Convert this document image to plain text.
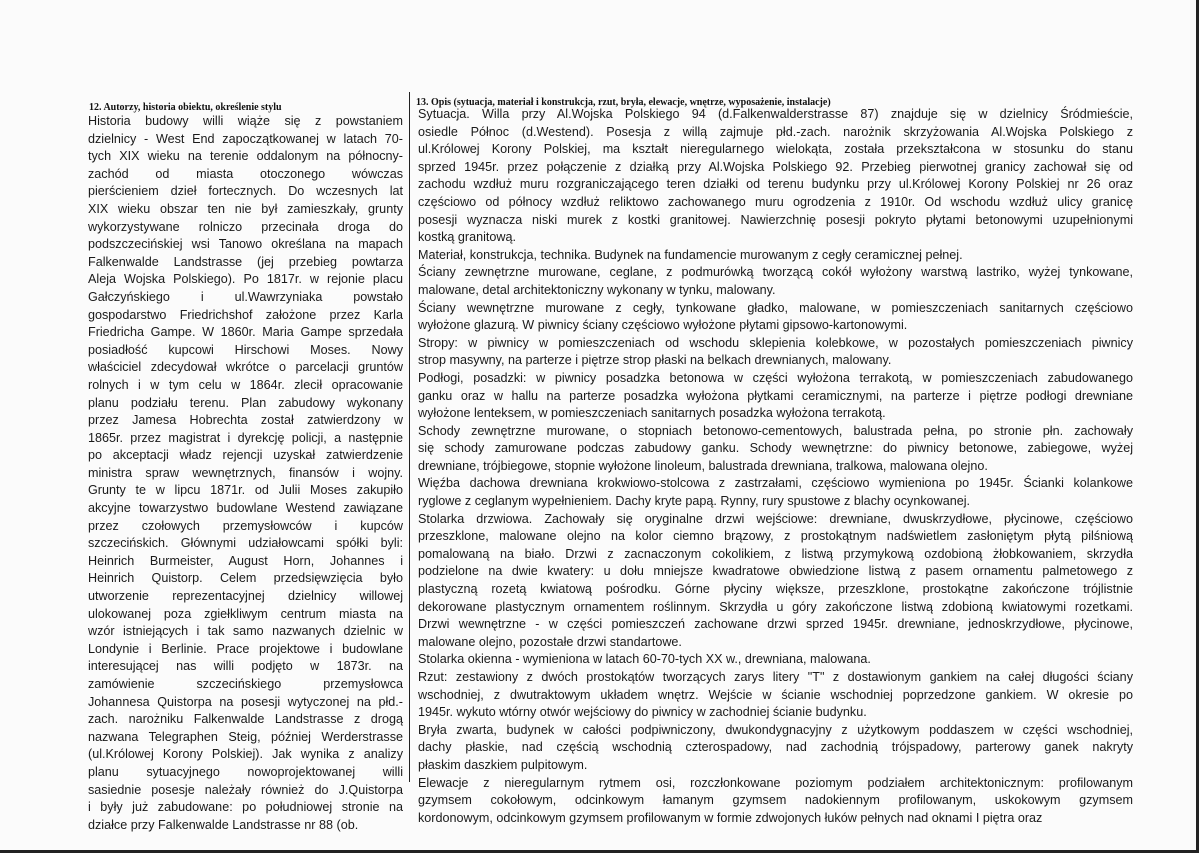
12. Autorzy, historia obiektu, określenie stylu	13. Opis (sytuacja, materiał i konstrukcja, rzut, bryła, elewacje, wnętrze, wyposażenie, instalacje)
Historia budowy willi wiąże się z powstaniem
dzielnicy - West End zapoczątkowanej w latach 70-
tych XIX wieku na terenie oddalonym na północny-
zachód od miasta otoczonego wówczas
pierścieniem dzieł fortecznych. Do wczesnych lat
XIX wieku obszar ten nie był zamieszkały, grunty
wykorzystywane rolniczo przecinała droga do
podszczecińskiej wsi Tanowo określana na mapach
Falkenwalde Landstrasse (jej przebieg powtarza
Aleja Wojska Polskiego). Po 1817r. w rejonie placu
Gałczyńskiego i ul.Wawrzyniaka powstało
gospodarstwo Friedrichshof założone przez Karla
Friedricha Gampe. W 1860r. Maria Gampe sprzedała
posiadłość kupcowi Hirschowi Moses. Nowy
właściciel zdecydował wkrótce o parcelacji gruntów
rolnych i w tym celu w 1864r. zlecił opracowanie
planu podziału terenu. Plan zabudowy wykonany
przez Jamesa Hobrechta został zatwierdzony w
1865r. przez magistrat i dyrekcję policji, a następnie
po akceptacji władz rejencji uzyskał zatwierdzenie
ministra spraw wewnętrznych, finansów i wojny.
Grunty te w lipcu 1871r. od Julii Moses zakupiło
akcyjne towarzystwo budowlane Westend zawiązane
przez czołowych przemysłowców i kupców
szczecińskich. Głównymi udziałowcami spółki byli:
Heinrich Burmeister, August Horn, Johannes i
Heinrich Quistorp. Celem przedsięwzięcia było
utworzenie reprezentacyjnej dzielnicy willowej
ulokowanej poza zgiełkliwym centrum miasta na
wzór istniejących i tak samo nazwanych dzielnic w
Londynie i Berlinie. Prace projektowe i budowlane
interesującej nas willi podjęto w 1873r. na
zamówienie szczecińskiego przemysłowca
Johannesa Quistorpa na posesji wytyczonej na płd.-
zach. narożniku Falkenwalde Landstrasse z drogą
nazwana Telegraphen Steig, później Werderstrasse
(ul.Królowej Korony Polskiej). Jak wynika z analizy
planu sytuacyjnego nowoprojektowanej willi
sasiednie posesje należały również do J.Quistorpa
i były już zabudowane: po południowej stronie na
działce przy Falkenwalde Landstrasse nr 88 (ob.
Sytuacja. Willa przy Al.Wojska Polskiego 94 (d.Falkenwalderstrasse 87) znajduje się w dzielnicy Śródmieście,
osiedle Północ (d.Westend). Posesja z willą zajmuje płd.-zach. narożnik skrzyżowania Al.Wojska Polskiego z
ul.Królowej Korony Polskiej, ma kształt nieregularnego wielokąta, została przekształcona w stosunku do stanu
sprzed 1945r. przez połączenie z działką przy Al.Wojska Polskiego 92. Przebieg pierwotnej granicy zachował się od
zachodu wzdłuż muru rozgraniczającego teren działki od terenu budynku przy ul.Królowej Korony Polskiej nr 26 oraz
częściowo od północy wzdłuż reliktowo zachowanego muru ogrodzenia z 1910r. Od wschodu wzdłuż ulicy granicę
posesji wyznacza niski murek z kostki granitowej. Nawierzchnię posesji pokryto płytami betonowymi uzupełnionymi
kostką granitową.
Materiał, konstrukcja, technika. Budynek na fundamencie murowanym z cegły ceramicznej pełnej.
Ściany zewnętrzne murowane, ceglane, z podmurówką tworzącą cokół wyłożony warstwą lastriko, wyżej tynkowane,
malowane, detal architektoniczny wykonany w tynku, malowany.
Ściany wewnętrzne murowane z cegły, tynkowane gładko, malowane, w pomieszczeniach sanitarnych częściowo
wyłożone glazurą. W piwnicy ściany częściowo wyłożone płytami gipsowo-kartonowymi.
Stropy: w piwnicy w pomieszczeniach od wschodu sklepienia kolebkowe, w pozostałych pomieszczeniach piwnicy
strop masywny, na parterze i piętrze strop płaski na belkach drewnianych, malowany.
Podłogi, posadzki: w piwnicy posadzka betonowa w części wyłożona terrakotą, w pomieszczeniach zabudowanego
ganku oraz w hallu na parterze posadzka wyłożona płytkami ceramicznymi, na parterze i piętrze podłogi drewniane
wyłożone lenteksem, w pomieszczeniach sanitarnych posadzka wyłożona terrakotą.
Schody zewnętrzne murowane, o stopniach betonowo-cementowych, balustrada pełna, po stronie płn. zachowały
się schody zamurowane podczas zabudowy ganku. Schody wewnętrzne: do piwnicy betonowe, zabiegowe, wyżej
drewniane, trójbiegowe, stopnie wyłożone linoleum, balustrada drewniana, tralkowa, malowana olejno.
Więźba dachowa drewniana krokwiowo-stolcowa z zastrzałami, częściowo wymieniona po 1945r. Ścianki kolankowe
ryglowe z ceglanym wypełnieniem. Dachy kryte papą. Rynny, rury spustowe z blachy ocynkowanej.
Stolarka drzwiowa. Zachowały się oryginalne drzwi wejściowe: drewniane, dwuskrzydłowe, płycinowe, częściowo
przeszklone, malowane olejno na kolor ciemno brązowy, z prostokątnym nadświetlem zasłoniętym płytą pilśniową
pomalowaną na biało. Drzwi z zacnaczonym cokolikiem, z listwą przymykową ozdobioną żłobkowaniem, skrzydła
podzielone na dwie kwatery: u dołu mniejsze kwadratowe obwiedzione listwą z pasem ornamentu palmetowego z
plastyczną rozetą kwiatową pośrodku. Górne płyciny większe, przeszklone, prostokątne zakończone trójlistnie
dekorowane plastycznym ornamentem roślinnym. Skrzydła u góry zakończone listwą zdobioną kwiatowymi rozetkami.
Drzwi wewnętrzne - w części pomieszczeń zachowane drzwi sprzed 1945r. drewniane, jednoskrzydłowe, płycinowe,
malowane olejno, pozostałe drzwi standartowe.
Stolarka okienna - wymieniona w latach 60-70-tych XX w., drewniana, malowana.
Rzut: zestawiony z dwóch prostokątów tworzących zarys litery "T" z dostawionym gankiem na całej długości ściany
wschodniej, z dwutraktowym układem wnętrz. Wejście w ścianie wschodniej poprzedzone gankiem. W okresie po
1945r. wykuto wtórny otwór wejściowy do piwnicy w zachodniej ścianie budynku.
Bryła zwarta, budynek w całości podpiwniczony, dwukondygnacyjny z użytkowym poddaszem w części wschodniej,
dachy płaskie, nad częścią wschodnią czterospadowy, nad zachodnią trójspadowy, parterowy ganek nakryty
płaskim daszkiem pulpitowym.
Elewacje z nieregularnym rytmem osi, rozczłonkowane poziomym podziałem architektonicznym: profilowanym
gzymsem cokołowym, odcinkowym łamanym gzymsem nadokiennym profilowanym, uskokowym gzymsem
kordonowym, odcinkowym gzymsem profilowanym w formie zdwojonych łuków pełnych nad oknami I piętra oraz
